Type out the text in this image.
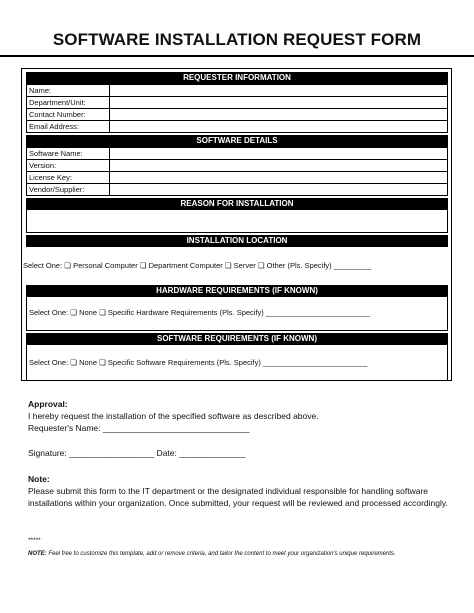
SOFTWARE INSTALLATION REQUEST FORM
REQUESTER INFORMATION
Name:	
Department/Unit:	
Contact Number:	
Email Address:	
SOFTWARE DETAILS
Software Name:	
Version:	
License Key:	
Vendor/Supplier:	
REASON FOR INSTALLATION
INSTALLATION LOCATION
Select One: ❏ Personal Computer ❏ Department Computer ❏ Server ❏ Other (Pls. Specify) _________
HARDWARE REQUIREMENTS (IF KNOWN)
Select One: ❏ None ❏ Specific Hardware Requirements (Pls. Specify) _________________________
SOFTWARE REQUIREMENTS (IF KNOWN)
Select One: ❏ None ❏ Specific Software Requirements (Pls. Specify) _________________________
Approval:
I hereby request the installation of the specified software as described above.
Requester's Name: _______________________________
Signature: __________________ Date: ______________
Note:
Please submit this form to the IT department or the designated individual responsible for handling software installations within your organization. Once submitted, your request will be reviewed and processed accordingly.
*****
NOTE: Feel free to customize this template, add or remove criteria, and tailor the content to meet your organization's unique requirements.
